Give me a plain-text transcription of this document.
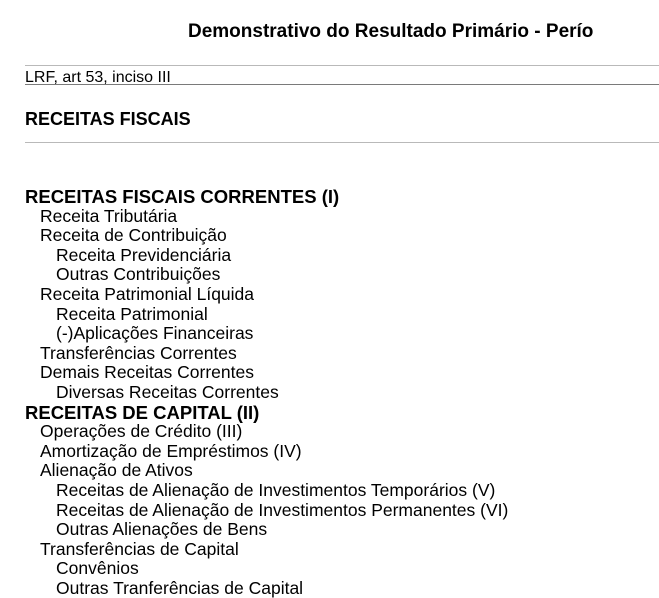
Demonstrativo do Resultado Primário - Perío
LRF, art 53, inciso III
RECEITAS FISCAIS
RECEITAS FISCAIS CORRENTES (I)
Receita Tributária
Receita de Contribuição
Receita Previdenciária
Outras Contribuições
Receita Patrimonial Líquida
Receita Patrimonial
(-)Aplicações Financeiras
Transferências Correntes
Demais Receitas Correntes
Diversas Receitas Correntes
RECEITAS DE CAPITAL (II)
Operações de Crédito (III)
Amortização de Empréstimos (IV)
Alienação de Ativos
Receitas de Alienação de Investimentos Temporários (V)
Receitas de Alienação de Investimentos Permanentes (VI)
Outras Alienações de Bens
Transferências de Capital
Convênios
Outras Tranferências de Capital
